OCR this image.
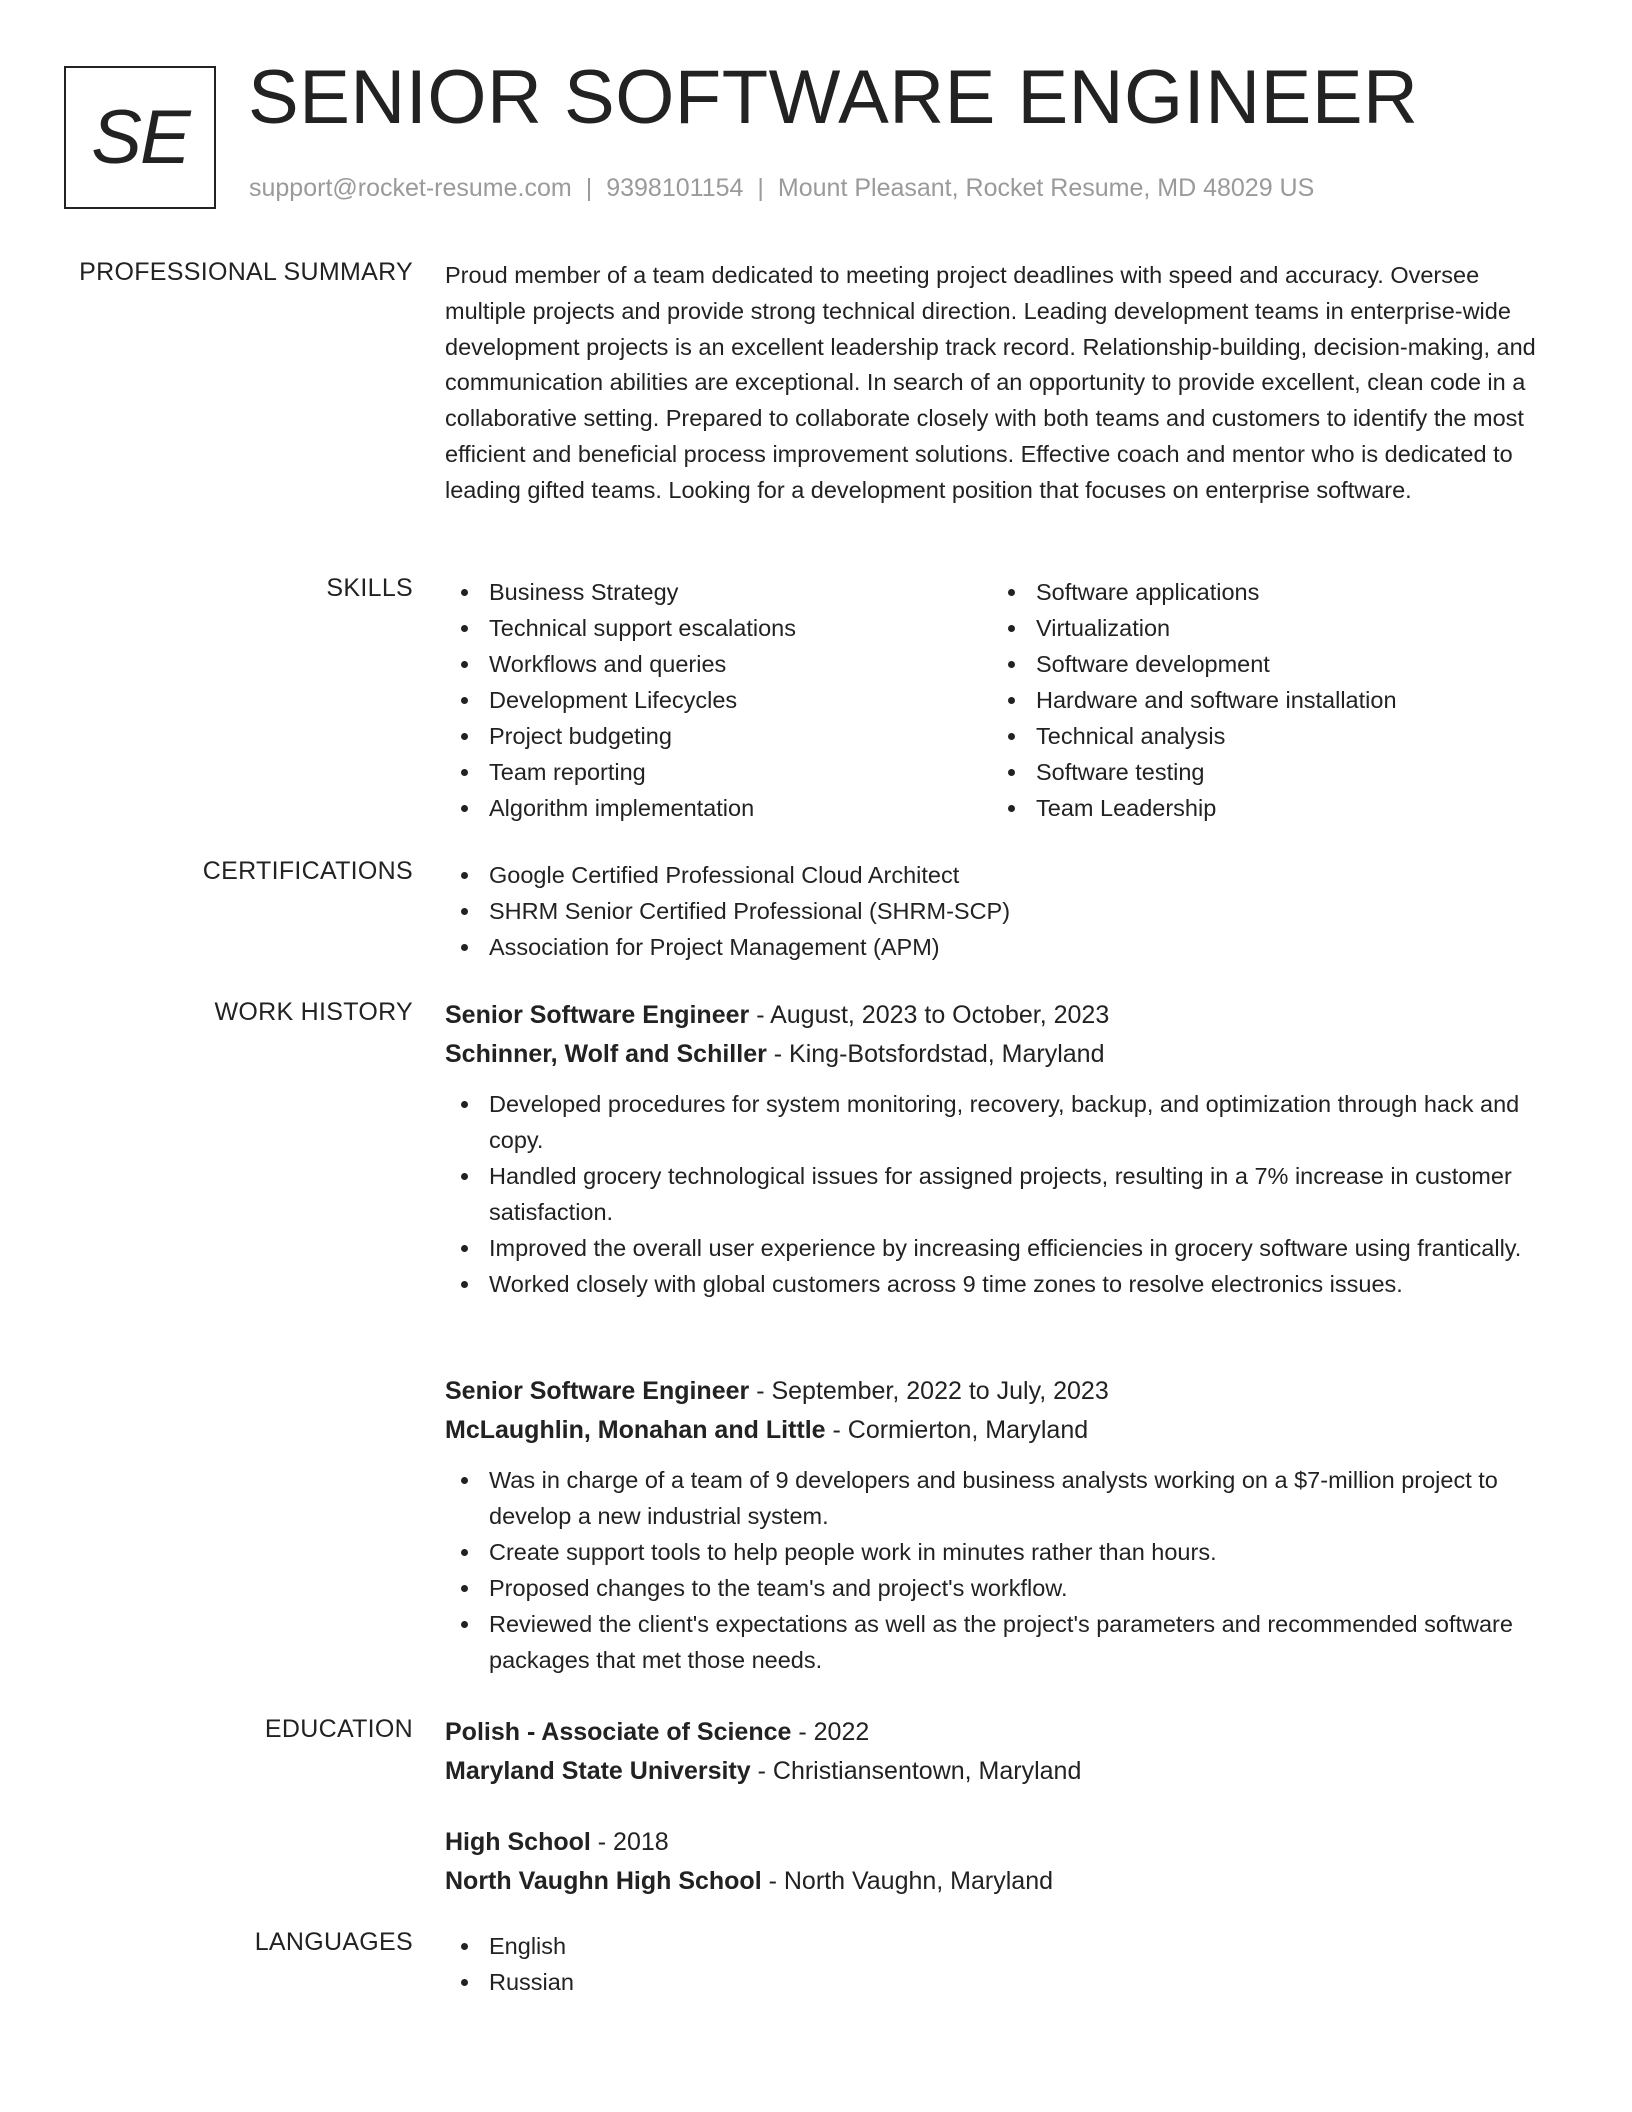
SE SENIOR SOFTWARE ENGINEER
support@rocket-resume.com | 9398101154 | Mount Pleasant, Rocket Resume, MD 48029 US
PROFESSIONAL SUMMARY Proud member of a team dedicated to meeting project deadlines with speed and accuracy. Oversee multiple projects and provide strong technical direction. Leading development teams in enterprise-wide development projects is an excellent leadership track record. Relationship-building, decision-making, and communication abilities are exceptional. In search of an opportunity to provide excellent, clean code in a collaborative setting. Prepared to collaborate closely with both teams and customers to identify the most efficient and beneficial process improvement solutions. Effective coach and mentor who is dedicated to leading gifted teams. Looking for a development position that focuses on enterprise software.
SKILLS	Business Strategy
Technical support escalations
Workflows and queries
Development Lifecycles
Project budgeting
Team reporting
Algorithm implementation
Software applications
Virtualization
Software development
Hardware and software installation
Technical analysis
Software testing
Team Leadership
CERTIFICATIONS	Google Certified Professional Cloud Architect
SHRM Senior Certified Professional (SHRM-SCP)
Association for Project Management (APM)
WORK HISTORY Senior Software Engineer - August, 2023 to October, 2023
Schinner, Wolf and Schiller - King-Botsfordstad, Maryland
Developed procedures for system monitoring, recovery, backup, and optimization through hack and copy.
Handled grocery technological issues for assigned projects, resulting in a 7% increase in customer satisfaction.
Improved the overall user experience by increasing efficiencies in grocery software using frantically.
Worked closely with global customers across 9 time zones to resolve electronics issues.
Senior Software Engineer - September, 2022 to July, 2023
McLaughlin, Monahan and Little - Cormierton, Maryland
Was in charge of a team of 9 developers and business analysts working on a $7-million project to develop a new industrial system.
Create support tools to help people work in minutes rather than hours.
Proposed changes to the team's and project's workflow.
Reviewed the client's expectations as well as the project's parameters and recommended software packages that met those needs.
EDUCATION Polish - Associate of Science - 2022
Maryland State University - Christiansentown, Maryland
High School - 2018
North Vaughn High School - North Vaughn, Maryland
LANGUAGES	English
Russian
